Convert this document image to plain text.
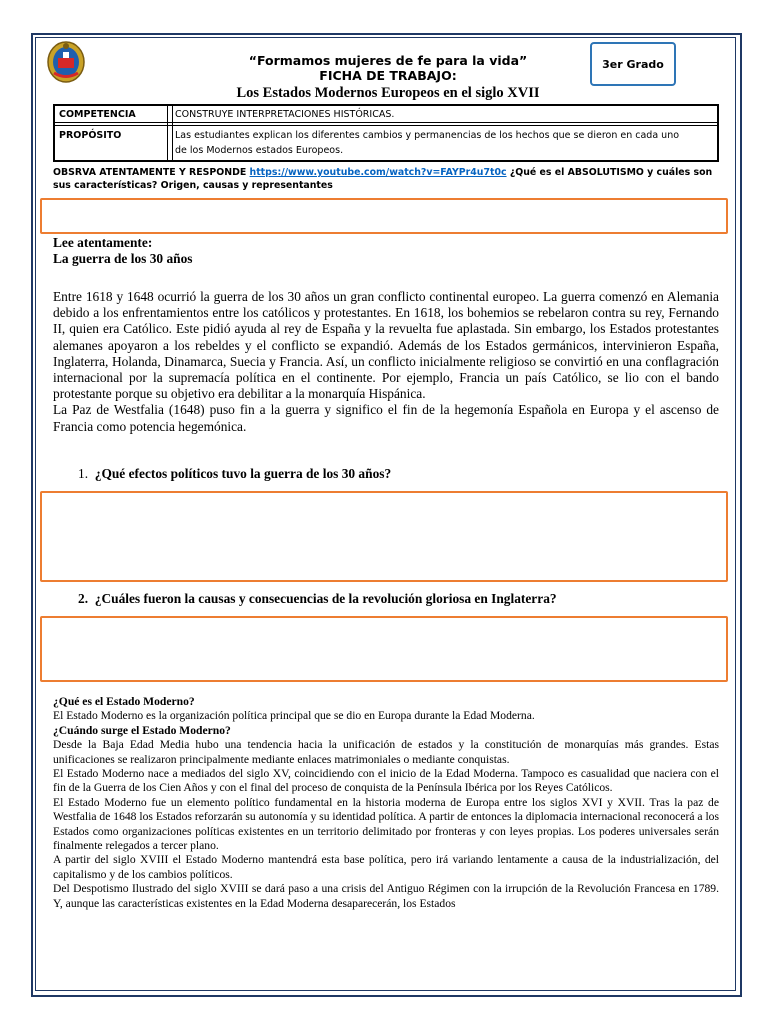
“Formamos mujeres de fe para la vida”
FICHA DE TRABAJO:
Los Estados Modernos Europeos en el siglo XVII
3er Grado
COMPETENCIA	CONSTRUYE INTERPRETACIONES HISTÓRICAS.
PROPÓSITO	Las estudiantes explican los diferentes cambios y permanencias de los hechos que se dieron en cada uno
de los Modernos estados Europeos.
OBSRVA ATENTAMENTE Y RESPONDE https://www.youtube.com/watch?v=FAYPr4u7t0c ¿Qué es el ABSOLUTISMO y cuáles son
sus características? Origen, causas y representantes
Lee atentamente:
La guerra de los 30 años

Entre 1618 y 1648 ocurrió la guerra de los 30 años un gran conflicto continental europeo. La guerra comenzó en Alemania debido a los enfrentamientos entre los católicos y protestantes. En 1618, los bohemios se rebelaron contra su rey, Fernando II, quien era Católico. Este pidió ayuda al rey de España y la revuelta fue aplastada. Sin embargo, los Estados protestantes alemanes apoyaron a los rebeldes y el conflicto se expandió. Además de los Estados germánicos, intervinieron España, Inglaterra, Holanda, Dinamarca, Suecia y Francia. Así, un conflicto inicialmente religioso se convirtió en una conflagración internacional por la supremacía política en el continente. Por ejemplo, Francia un país Católico, se lio con el bando protestante porque su objetivo era debilitar a la monarquía Hispánica.

La Paz de Westfalia (1648) puso fin a la guerra y significo el fin de la hegemonía Española en Europa y el ascenso de Francia como potencia hegemónica.

1. ¿Qué efectos políticos tuvo la guerra de los 30 años?
2. ¿Cuáles fueron la causas y consecuencias de la revolución gloriosa en Inglaterra?

¿Qué es el Estado Moderno?

El Estado Moderno es la organización política principal que se dio en Europa durante la Edad Moderna.

¿Cuándo surge el Estado Moderno?

Desde la Baja Edad Media hubo una tendencia hacia la unificación de estados y la constitución de monarquías más grandes. Estas unificaciones se realizaron principalmente mediante enlaces matrimoniales o mediante conquistas.

El Estado Moderno nace a mediados del siglo XV, coincidiendo con el inicio de la Edad Moderna. Tampoco es casualidad que naciera con el fin de la Guerra de los Cien Años y con el final del proceso de conquista de la Península Ibérica por los Reyes Católicos.

El Estado Moderno fue un elemento político fundamental en la historia moderna de Europa entre los siglos XVI y XVII. Tras la paz de Westfalia de 1648 los Estados reforzarán su autonomía y su identidad política. A partir de entonces la diplomacia internacional reconocerá a los Estados como organizaciones políticas existentes en un territorio delimitado por fronteras y con leyes propias. Los poderes universales serán finalmente relegados a tercer plano.

A partir del siglo XVIII el Estado Moderno mantendrá esta base política, pero irá variando lentamente a causa de la industrialización, del capitalismo y de los cambios políticos.

Del Despotismo Ilustrado del siglo XVIII se dará paso a una crisis del Antiguo Régimen con la irrupción de la Revolución Francesa en 1789. Y, aunque las características existentes en la Edad Moderna desaparecerán, los Estados
